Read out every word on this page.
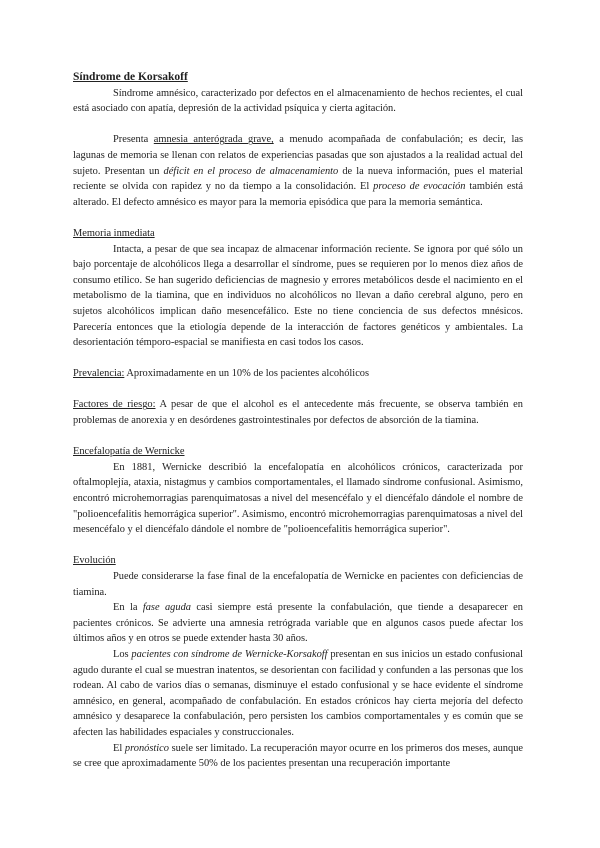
Síndrome de Korsakoff

Síndrome amnésico, caracterizado por defectos en el almacenamiento de hechos recientes, el cual está asociado con apatía, depresión de la actividad psíquica y cierta agitación.

Presenta amnesia anterógrada grave, a menudo acompañada de confabulación; es decir, las lagunas de memoria se llenan con relatos de experiencias pasadas que son ajustados a la realidad actual del sujeto. Presentan un déficit en el proceso de almacenamiento de la nueva información, pues el material reciente se olvida con rapidez y no da tiempo a la consolidación. El proceso de evocación también está alterado. El defecto amnésico es mayor para la memoria episódica que para la memoria semántica.

Memoria inmediata

Intacta, a pesar de que sea incapaz de almacenar información reciente. Se ignora por qué sólo un bajo porcentaje de alcohólicos llega a desarrollar el síndrome, pues se requieren por lo menos diez años de consumo etílico. Se han sugerido deficiencias de magnesio y errores metabólicos desde el nacimiento en el metabolismo de la tiamina, que en individuos no alcohólicos no llevan a daño cerebral alguno, pero en sujetos alcohólicos implican daño mesencefálico. Este no tiene conciencia de sus defectos mnésicos. Parecería entonces que la etiología depende de la interacción de factores genéticos y ambientales. La desorientación témporo-espacial se manifiesta en casi todos los casos.

Prevalencia: Aproximadamente en un 10% de los pacientes alcohólicos

Factores de riesgo: A pesar de que el alcohol es el antecedente más frecuente, se observa también en problemas de anorexia y en desórdenes gastrointestinales por defectos de absorción de la tiamina.

Encefalopatía de Wernicke

En 1881, Wernicke describió la encefalopatía en alcohólicos crónicos, caracterizada por oftalmoplejía, ataxia, nistagmus y cambios comportamentales, el llamado síndrome confusional. Asimismo, encontró microhemorragias parenquimatosas a nivel del mesencéfalo y el diencéfalo dándole el nombre de "polioencefalitis hemorrágica superior". Asimismo, encontró microhemorragias parenquimatosas a nivel del mesencéfalo y el diencéfalo dándole el nombre de "polioencefalitis hemorrágica superior".

Evolución

Puede considerarse la fase final de la encefalopatía de Wernicke en pacientes con deficiencias de tiamina.

En la fase aguda casi siempre está presente la confabulación, que tiende a desaparecer en pacientes crónicos. Se advierte una amnesia retrógrada variable que en algunos casos puede afectar los últimos años y en otros se puede extender hasta 30 años.

Los pacientes con síndrome de Wernicke-Korsakoff presentan en sus inicios un estado confusional agudo durante el cual se muestran inatentos, se desorientan con facilidad y confunden a las personas que los rodean. Al cabo de varios días o semanas, disminuye el estado confusional y se hace evidente el síndrome amnésico, en general, acompañado de confabulación. En estados crónicos hay cierta mejoría del defecto amnésico y desaparece la confabulación, pero persisten los cambios comportamentales y es común que se afecten las habilidades espaciales y construccionales.

El pronóstico suele ser limitado. La recuperación mayor ocurre en los primeros dos meses, aunque se cree que aproximadamente 50% de los pacientes presentan una recuperación importante
